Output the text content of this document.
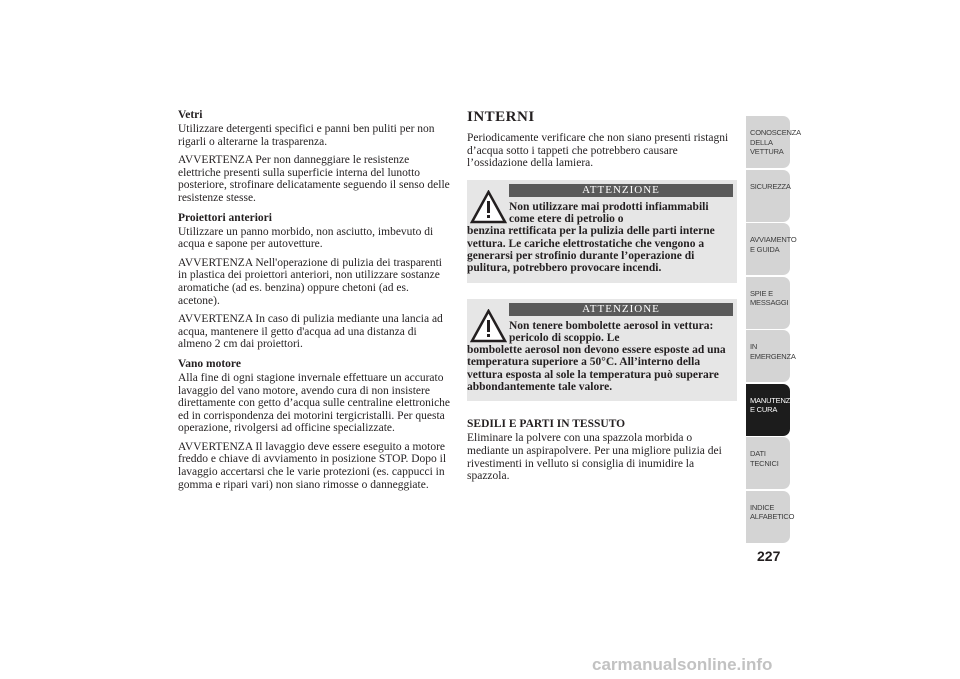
Vetri
Utilizzare detergenti specifici e panni ben puliti per non rigarli o alterarne la trasparenza.
AVVERTENZA Per non danneggiare le resistenze elettriche presenti sulla superficie interna del lunotto posteriore, strofinare delicatamente seguendo il senso delle resistenze stesse.
Proiettori anteriori
Utilizzare un panno morbido, non asciutto, imbevuto di acqua e sapone per autovetture.
AVVERTENZA Nell'operazione di pulizia dei trasparenti in plastica dei proiettori anteriori, non utilizzare sostanze aromatiche (ad es. benzina) oppure chetoni (ad es. acetone).
AVVERTENZA In caso di pulizia mediante una lancia ad acqua, mantenere il getto d'acqua ad una distanza di almeno 2 cm dai proiettori.
Vano motore
Alla fine di ogni stagione invernale effettuare un accurato lavaggio del vano motore, avendo cura di non insistere direttamente con getto d’acqua sulle centraline elettroniche ed in corrispondenza dei motorini tergicristalli. Per questa operazione, rivolgersi ad officine specializzate.
AVVERTENZA Il lavaggio deve essere eseguito a motore freddo e chiave di avviamento in posizione STOP. Dopo il lavaggio accertarsi che le varie protezioni (es. cappucci in gomma e ripari vari) non siano rimosse o danneggiate.
INTERNI
Periodicamente verificare che non siano presenti ristagni d’acqua sotto i tappeti che potrebbero causare l’ossidazione della lamiera.
ATTENZIONE
Non utilizzare mai prodotti infiammabili come etere di petrolio o
benzina rettificata per la pulizia delle parti interne vettura. Le cariche elettrostatiche che vengono a generarsi per strofinio durante l’operazione di pulitura, potrebbero provocare incendi.
ATTENZIONE
Non tenere bombolette aerosol in vettura: pericolo di scoppio. Le
bombolette aerosol non devono essere esposte ad una temperatura superiore a 50°C. All’interno della vettura esposta al sole la temperatura può superare abbondantemente tale valore.
SEDILI E PARTI IN TESSUTO
Eliminare la polvere con una spazzola morbida o mediante un aspirapolvere. Per una migliore pulizia dei rivestimenti in velluto si consiglia di inumidire la spazzola.
CONOSCENZA DELLA VETTURA
SICUREZZA
AVVIAMENTO E GUIDA
SPIE E MESSAGGI
IN EMERGENZA
MANUTENZIONE E CURA
DATI TECNICI
INDICE ALFABETICO
227
carmanualsonline.info
